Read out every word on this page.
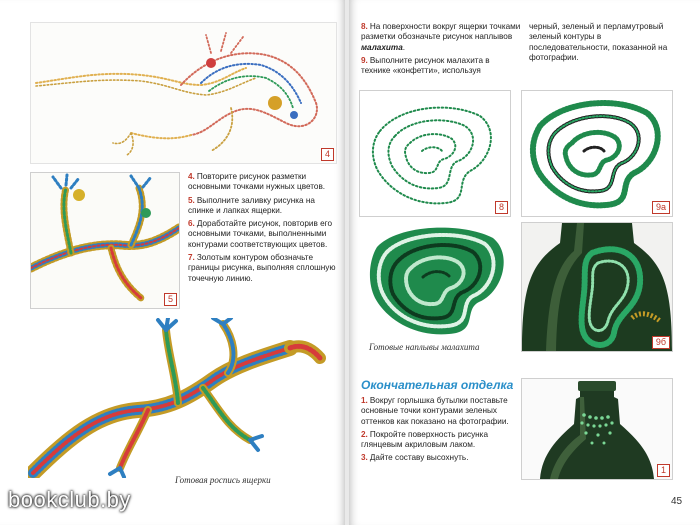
4
5
4. Повторите рисунок разметки основными точками нужных цветов.
5. Выполните заливку рисунка на спинке и лапках ящерки.
6. Доработайте рисунок, повторив его основными точками, выполненными контурами соответствующих цветов.
7. Золотым контуром обозначьте границы рисунка, выполняя сплошную точечную линию.
Готовая роспись ящерки
8. На поверхности вокруг ящерки точками разметки обозначьте рисунок наплывов малахита.
9. Выполните рисунок малахита в технике «конфетти», используя
черный, зеленый и перламутровый зеленый контуры в последовательности, показанной на фотографии.
8	9а
Готовые наплывы малахита	9б
Окончательная отделка
1. Вокруг горлышка бутылки поставьте основные точки контурами зеленых оттенков как показано на фотографии.
2. Покройте поверхность рисунка глянцевым акриловым лаком.
3. Дайте составу высохнуть.
1
45
bookclub.by
